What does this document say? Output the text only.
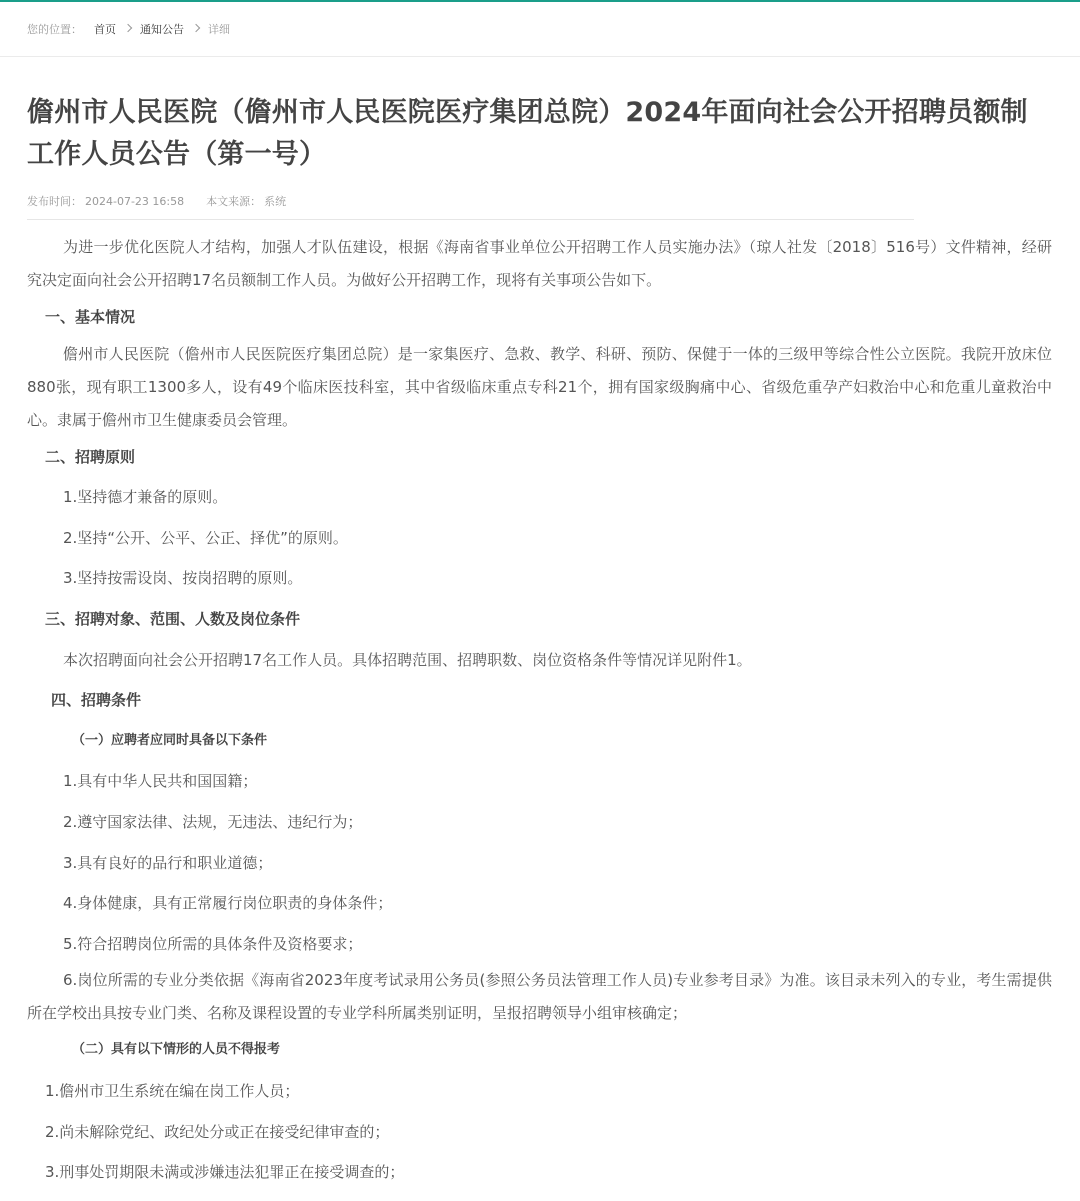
您的位置： 首页 通知公告 详细
儋州市人民医院（儋州市人民医院医疗集团总院）2024年面向社会公开招聘员额制工作人员公告（第一号）
发布时间： 2024-07-23 16:58 本文来源： 系统

为进一步优化医院人才结构，加强人才队伍建设，根据《海南省事业单位公开招聘工作人员实施办法》（琼人社发〔2018〕516号）文件精神，经研究决定面向社会公开招聘17名员额制工作人员。为做好公开招聘工作，现将有关事项公告如下。

一、基本情况

儋州市人民医院（儋州市人民医院医疗集团总院）是一家集医疗、急救、教学、科研、预防、保健于一体的三级甲等综合性公立医院。我院开放床位880张，现有职工1300多人，设有49个临床医技科室，其中省级临床重点专科21个，拥有国家级胸痛中心、省级危重孕产妇救治中心和危重儿童救治中心。隶属于儋州市卫生健康委员会管理。

二、招聘原则

1.坚持德才兼备的原则。

2.坚持“公开、公平、公正、择优”的原则。

3.坚持按需设岗、按岗招聘的原则。

三、招聘对象、范围、人数及岗位条件

本次招聘面向社会公开招聘17名工作人员。具体招聘范围、招聘职数、岗位资格条件等情况详见附件1。

四、招聘条件

（一）应聘者应同时具备以下条件

1.具有中华人民共和国国籍；

2.遵守国家法律、法规，无违法、违纪行为；

3.具有良好的品行和职业道德；

4.身体健康，具有正常履行岗位职责的身体条件；

5.符合招聘岗位所需的具体条件及资格要求；

6.岗位所需的专业分类依据《海南省2023年度考试录用公务员(参照公务员法管理工作人员)专业参考目录》为准。该目录未列入的专业，考生需提供所在学校出具按专业门类、名称及课程设置的专业学科所属类别证明，呈报招聘领导小组审核确定；

（二）具有以下情形的人员不得报考

1.儋州市卫生系统在编在岗工作人员；

2.尚未解除党纪、政纪处分或正在接受纪律审查的；

3.刑事处罚期限未满或涉嫌违法犯罪正在接受调查的；
